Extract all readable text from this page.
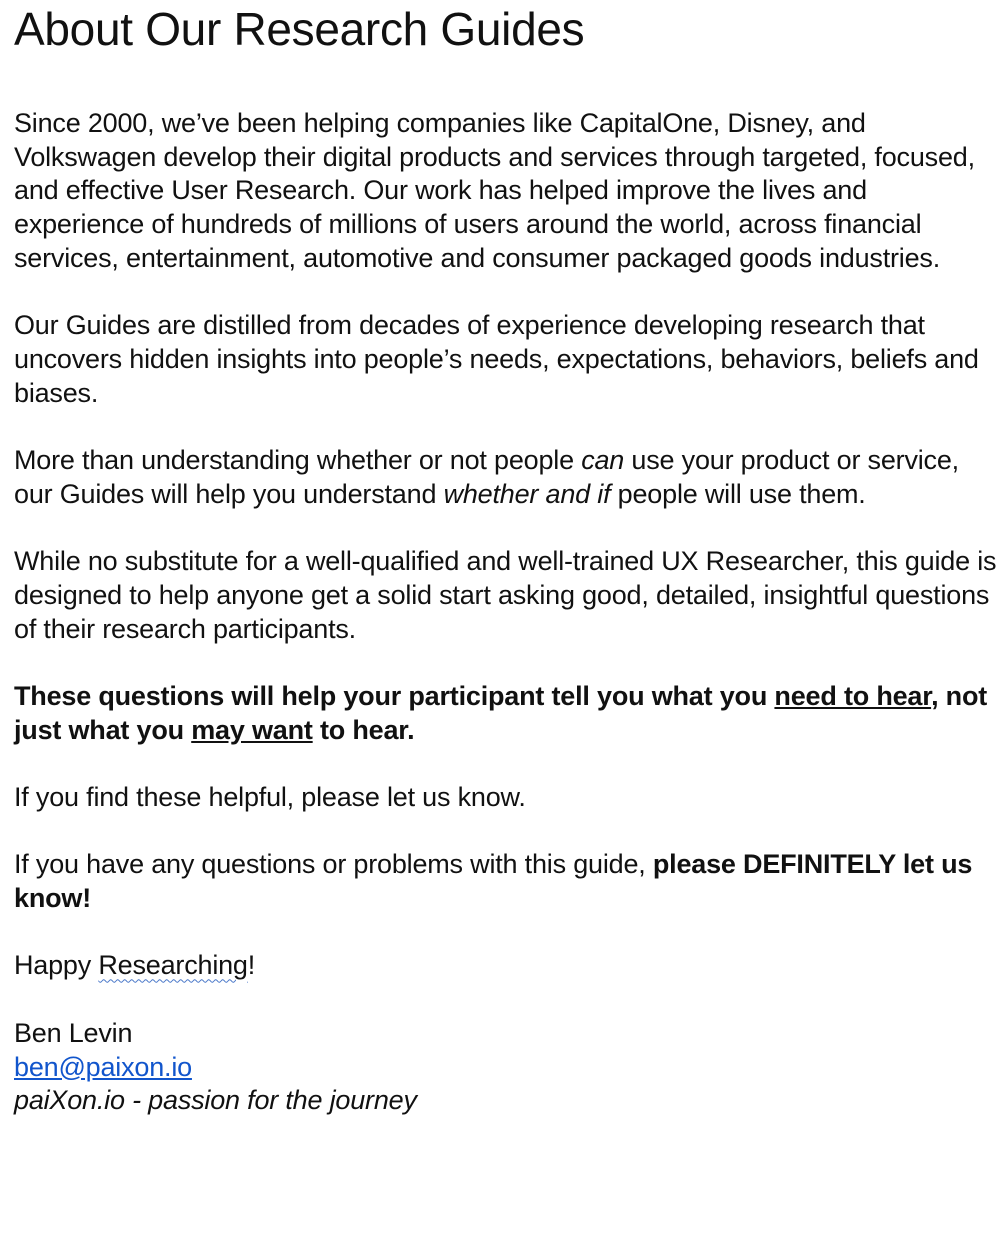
About Our Research Guides

Since 2000, we’ve been helping companies like CapitalOne, Disney, and Volkswagen develop their digital products and services through targeted, focused, and effective User Research. Our work has helped improve the lives and experience of hundreds of millions of users around the world, across financial services, entertainment, automotive and consumer packaged goods industries.

Our Guides are distilled from decades of experience developing research that uncovers hidden insights into people’s needs, expectations, behaviors, beliefs and biases.

More than understanding whether or not people can use your product or service, our Guides will help you understand whether and if people will use them.

While no substitute for a well-qualified and well-trained UX Researcher, this guide is designed to help anyone get a solid start asking good, detailed, insightful questions of their research participants.

These questions will help your participant tell you what you need to hear, not just what you may want to hear.

If you find these helpful, please let us know.

If you have any questions or problems with this guide, please DEFINITELY let us know!

Happy Researching!

Ben Levin
ben@paixon.io
paiXon.io - passion for the journey
